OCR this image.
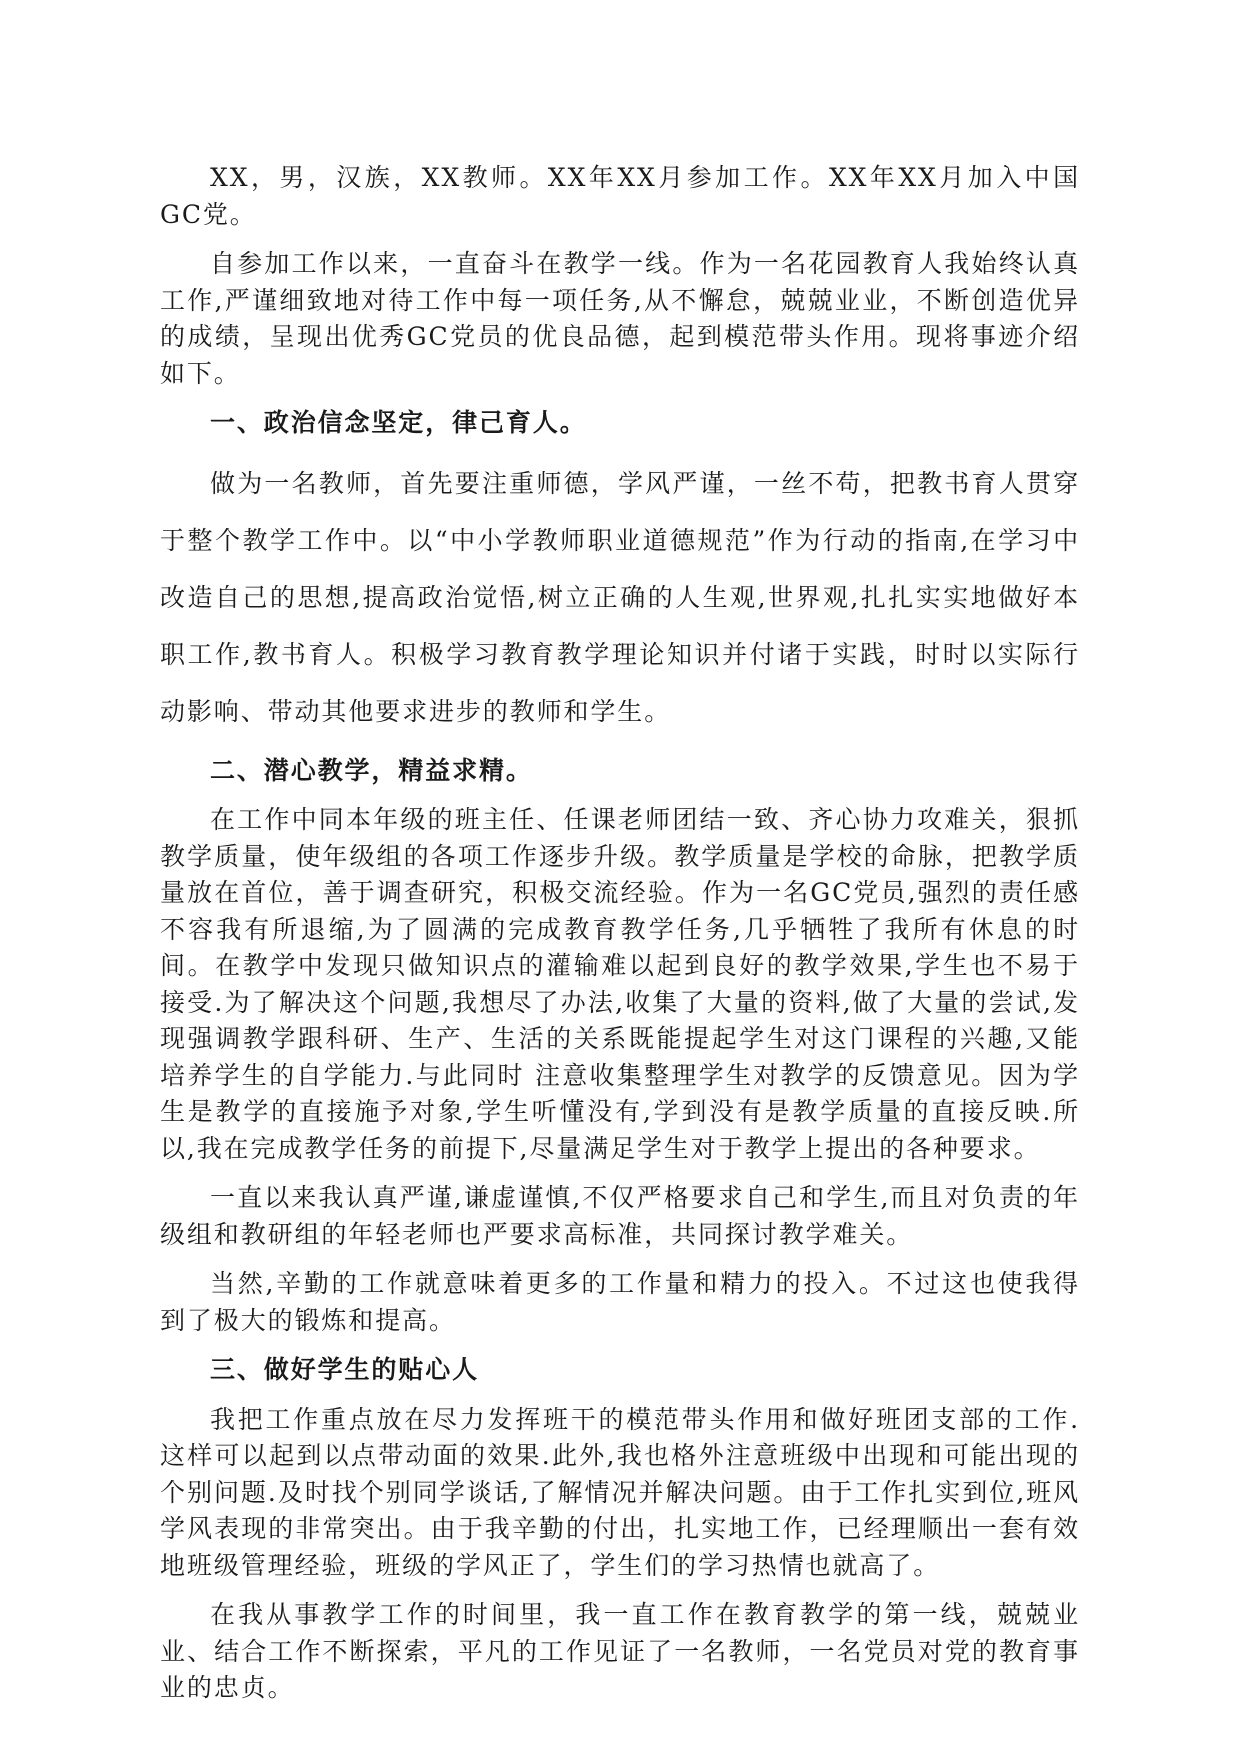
XX，男，汉族，XX教师。XX年XX月参加工作。XX年XX月加入中国GC党。

自参加工作以来，一直奋斗在教学一线。作为一名花园教育人我始终认真工作,严谨细致地对待工作中每一项任务,从不懈怠，兢兢业业，不断创造优异的成绩，呈现出优秀GC党员的优良品德，起到模范带头作用。现将事迹介绍如下。

一、政治信念坚定，律己育人。

做为一名教师，首先要注重师德，学风严谨，一丝不苟，把教书育人贯穿于整个教学工作中。以“中小学教师职业道德规范”作为行动的指南,在学习中改造自己的思想,提高政治觉悟,树立正确的人生观,世界观,扎扎实实地做好本职工作,教书育人。积极学习教育教学理论知识并付诸于实践，时时以实际行动影响、带动其他要求进步的教师和学生。

二、潜心教学，精益求精。

在工作中同本年级的班主任、任课老师团结一致、齐心协力攻难关，狠抓教学质量，使年级组的各项工作逐步升级。教学质量是学校的命脉，把教学质量放在首位，善于调查研究，积极交流经验。作为一名GC党员,强烈的责任感不容我有所退缩,为了圆满的完成教育教学任务,几乎牺牲了我所有休息的时间。在教学中发现只做知识点的灌输难以起到良好的教学效果,学生也不易于接受.为了解决这个问题,我想尽了办法,收集了大量的资料,做了大量的尝试,发现强调教学跟科研、生产、生活的关系既能提起学生对这门课程的兴趣,又能培养学生的自学能力.与此同时 注意收集整理学生对教学的反馈意见。因为学生是教学的直接施予对象,学生听懂没有,学到没有是教学质量的直接反映.所以,我在完成教学任务的前提下,尽量满足学生对于教学上提出的各种要求。

一直以来我认真严谨,谦虚谨慎,不仅严格要求自己和学生,而且对负责的年级组和教研组的年轻老师也严要求高标准，共同探讨教学难关。

当然,辛勤的工作就意味着更多的工作量和精力的投入。不过这也使我得到了极大的锻炼和提高。

三、做好学生的贴心人

我把工作重点放在尽力发挥班干的模范带头作用和做好班团支部的工作.这样可以起到以点带动面的效果.此外,我也格外注意班级中出现和可能出现的个别问题.及时找个别同学谈话,了解情况并解决问题。由于工作扎实到位,班风学风表现的非常突出。由于我辛勤的付出，扎实地工作，已经理顺出一套有效地班级管理经验，班级的学风正了，学生们的学习热情也就高了。

在我从事教学工作的时间里，我一直工作在教育教学的第一线，兢兢业业、结合工作不断探索，平凡的工作见证了一名教师，一名党员对党的教育事业的忠贞。
